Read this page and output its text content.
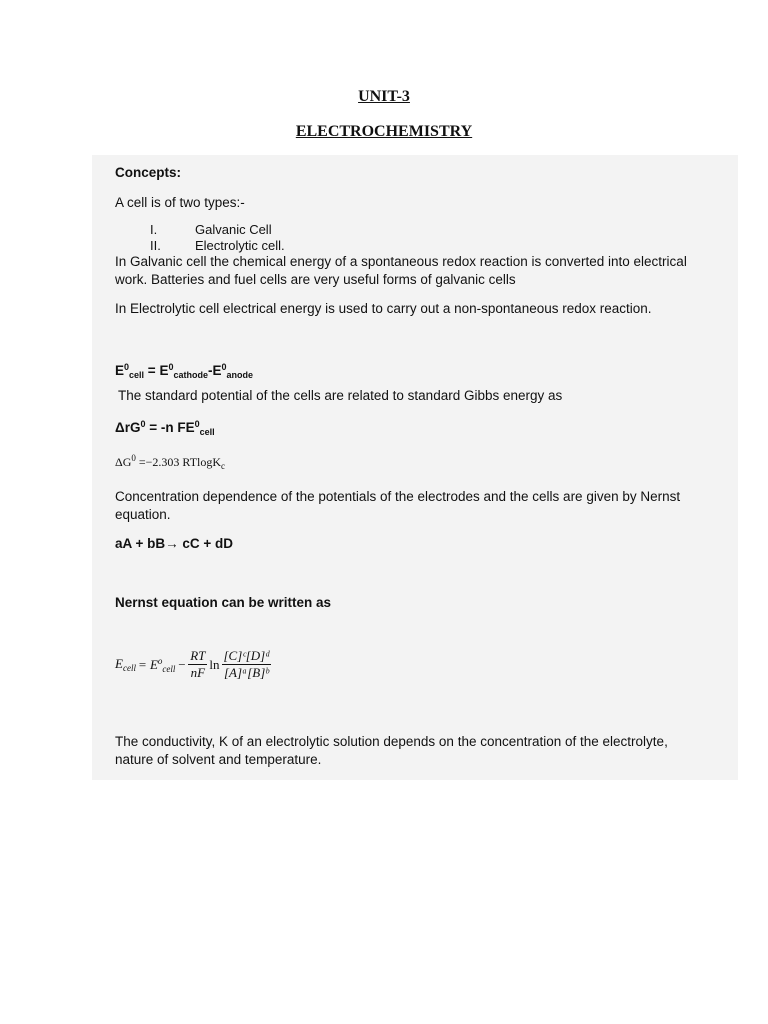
UNIT-3
ELECTROCHEMISTRY
Concepts:
A cell is of two types:-
I.	Galvanic Cell
II.	Electrolytic cell.
In Galvanic cell the chemical energy of a spontaneous redox reaction is converted into electrical
work. Batteries and fuel cells are very useful forms of galvanic cells
In Electrolytic cell electrical energy is used to carry out a non-spontaneous redox reaction.
$E^0_{cell} = E^0_{cathode}-E^0_{anode}$
The standard potential of the cells are related to standard Gibbs energy as
ΔrG$^0$ = -n $FE^0_{cell}$
$\Delta G^0 =-2.303$ RTlogK$_c$
Concentration dependence of the potentials of the electrodes and the cells are given by Nernst
equation.
aA + bB→ cC + dD
Nernst equation can be written as
$E_{cell} = E^o_{cell} - \frac{RT}{nF}$ $\ln \frac{\text{[C]ᶜ[D]ᵈ}}{\text{[A]ᵃ[B]ᵇ}}$
The conductivity, K of an electrolytic solution depends on the concentration of the electrolyte,
nature of solvent and temperature.
